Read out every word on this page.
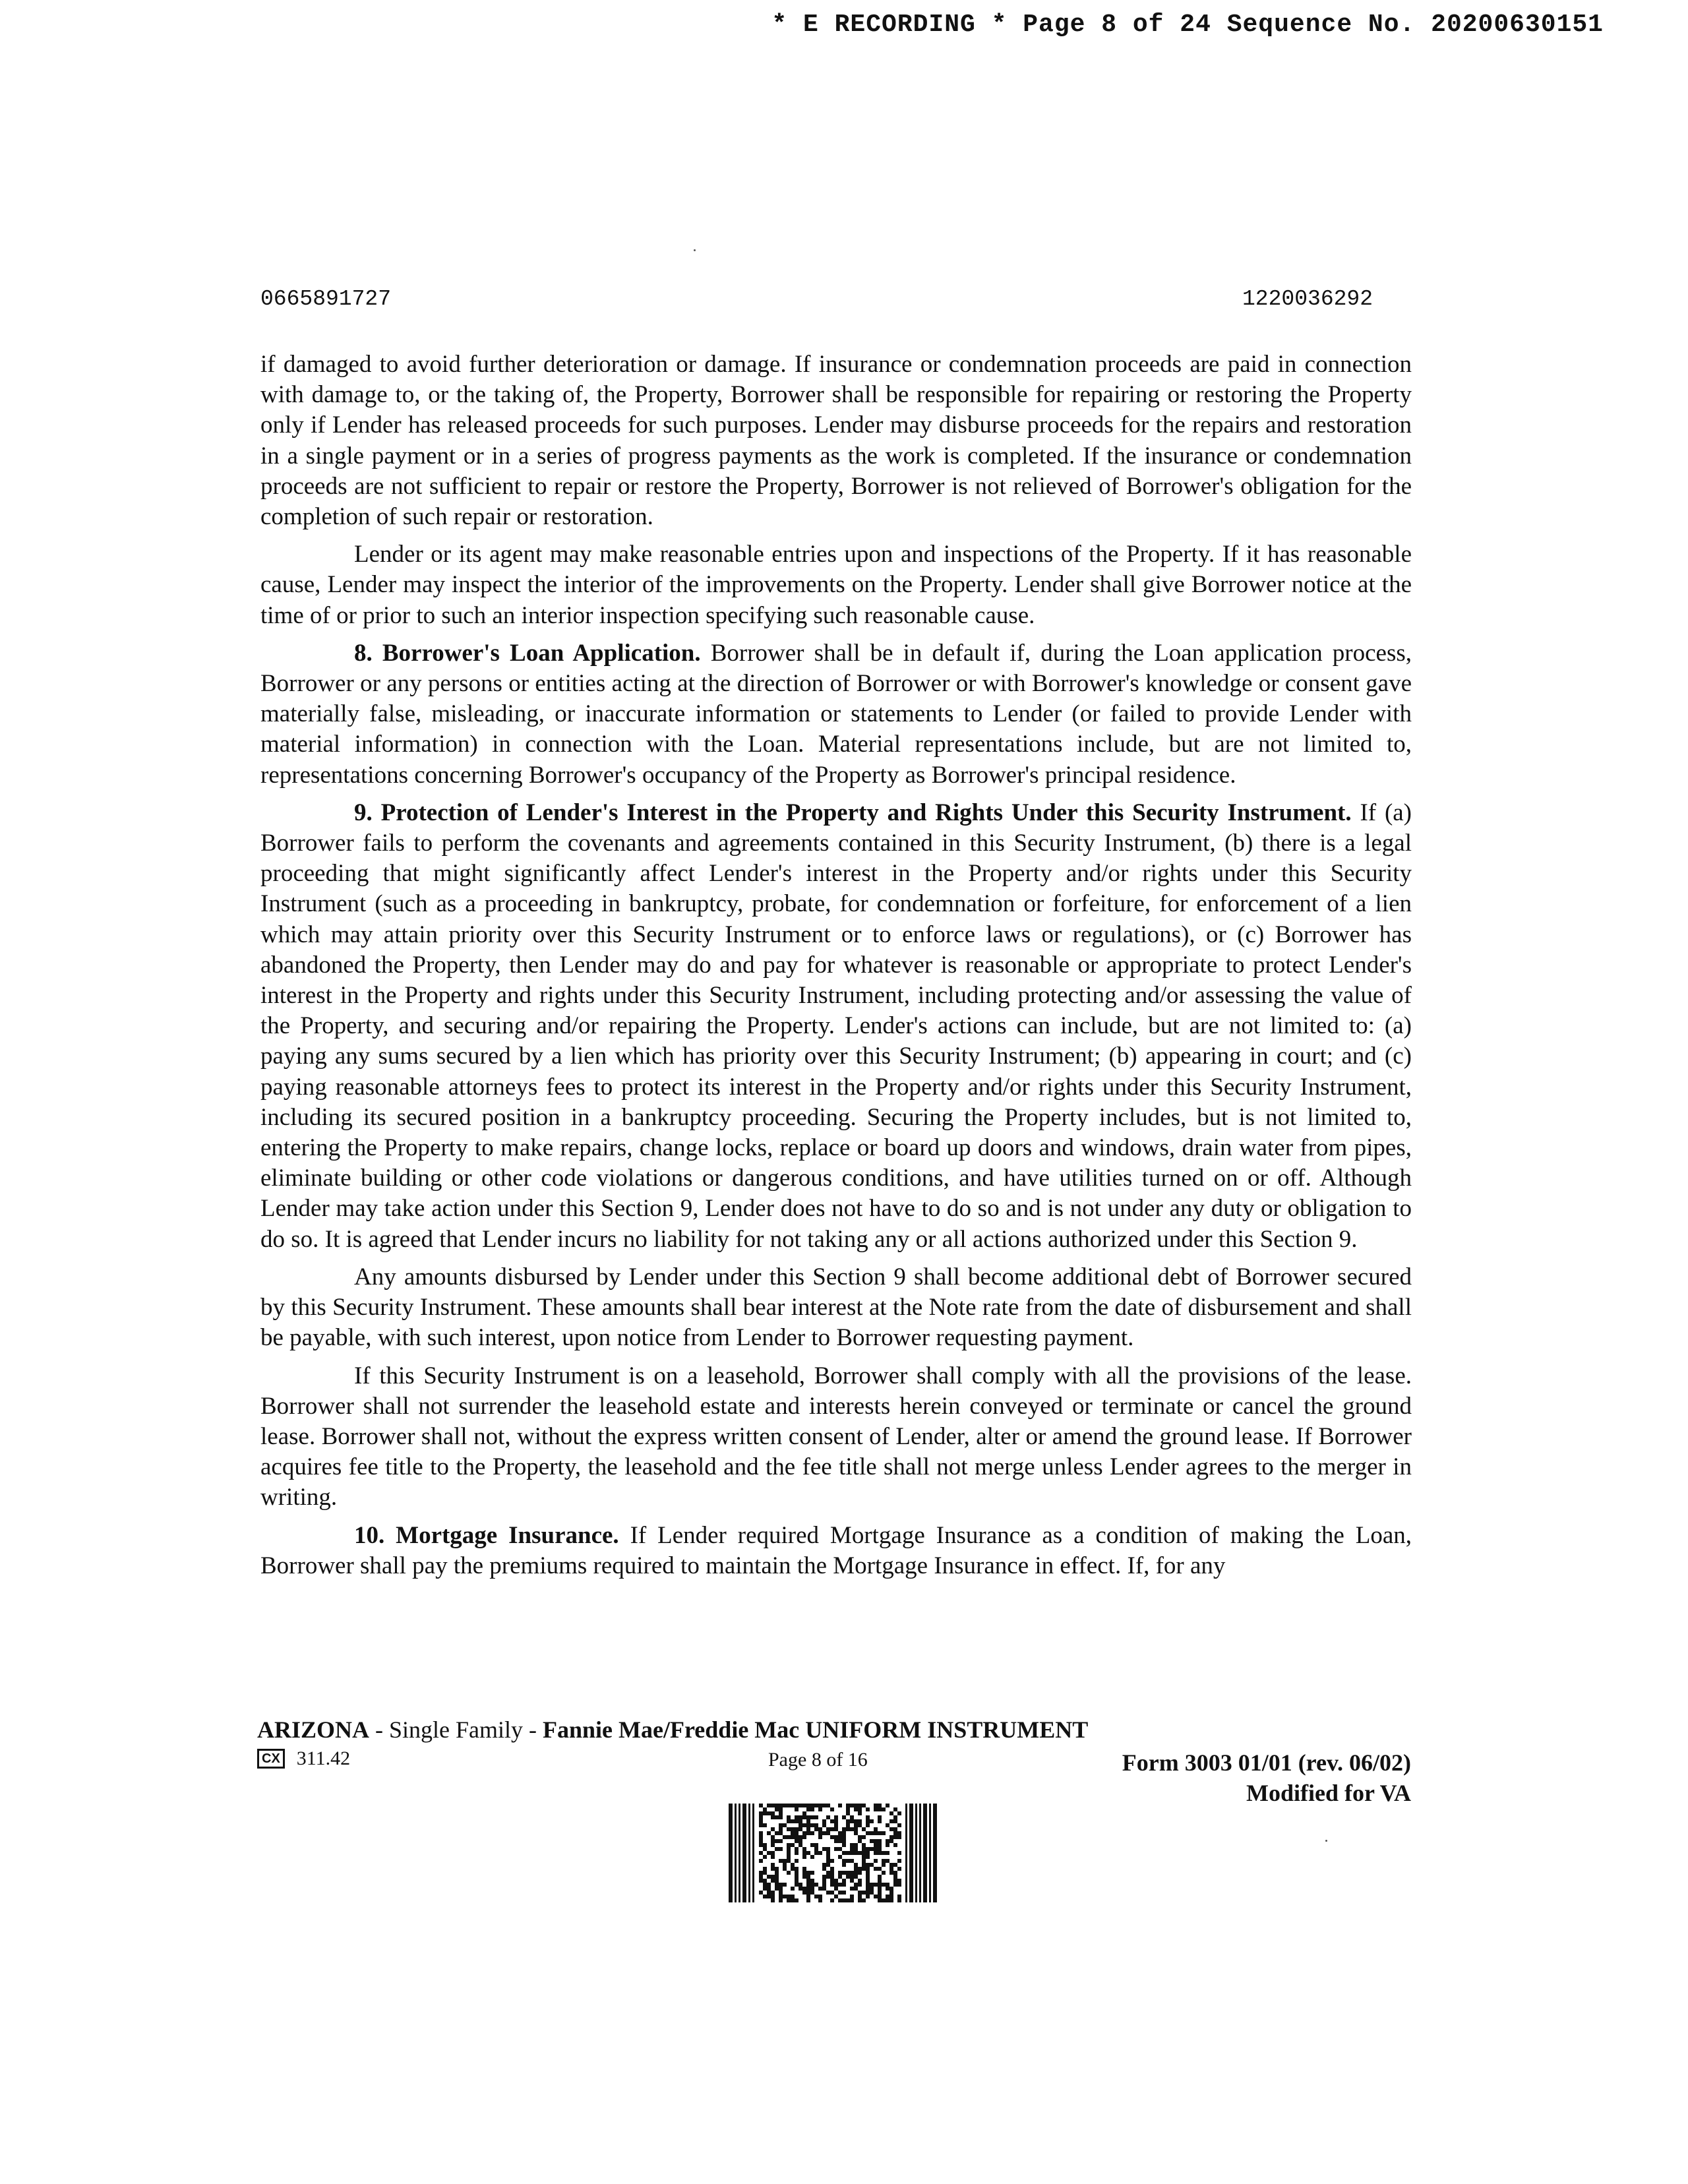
* E RECORDING * Page 8 of 24 Sequence No. 20200630151
0665891727	1220036292

if damaged to avoid further deterioration or damage. If insurance or condemnation proceeds are paid in connection with damage to, or the taking of, the Property, Borrower shall be responsible for repairing or restoring the Property only if Lender has released proceeds for such purposes. Lender may disburse proceeds for the repairs and restoration in a single payment or in a series of progress payments as the work is completed. If the insurance or condemnation proceeds are not sufficient to repair or restore the Property, Borrower is not relieved of Borrower's obligation for the completion of such repair or restoration.

Lender or its agent may make reasonable entries upon and inspections of the Property. If it has reasonable cause, Lender may inspect the interior of the improvements on the Property. Lender shall give Borrower notice at the time of or prior to such an interior inspection specifying such reasonable cause.

8. Borrower's Loan Application. Borrower shall be in default if, during the Loan application process, Borrower or any persons or entities acting at the direction of Borrower or with Borrower's knowledge or consent gave materially false, misleading, or inaccurate information or statements to Lender (or failed to provide Lender with material information) in connection with the Loan. Material representations include, but are not limited to, representations concerning Borrower's occupancy of the Property as Borrower's principal residence.

9. Protection of Lender's Interest in the Property and Rights Under this Security Instrument. If (a) Borrower fails to perform the covenants and agreements contained in this Security Instrument, (b) there is a legal proceeding that might significantly affect Lender's interest in the Property and/or rights under this Security Instrument (such as a proceeding in bankruptcy, probate, for condemnation or forfeiture, for enforcement of a lien which may attain priority over this Security Instrument or to enforce laws or regulations), or (c) Borrower has abandoned the Property, then Lender may do and pay for whatever is reasonable or appropriate to protect Lender's interest in the Property and rights under this Security Instrument, including protecting and/or assessing the value of the Property, and securing and/or repairing the Property. Lender's actions can include, but are not limited to: (a) paying any sums secured by a lien which has priority over this Security Instrument; (b) appearing in court; and (c) paying reasonable attorneys fees to protect its interest in the Property and/or rights under this Security Instrument, including its secured position in a bankruptcy proceeding. Securing the Property includes, but is not limited to, entering the Property to make repairs, change locks, replace or board up doors and windows, drain water from pipes, eliminate building or other code violations or dangerous conditions, and have utilities turned on or off. Although Lender may take action under this Section 9, Lender does not have to do so and is not under any duty or obligation to do so. It is agreed that Lender incurs no liability for not taking any or all actions authorized under this Section 9.

Any amounts disbursed by Lender under this Section 9 shall become additional debt of Borrower secured by this Security Instrument. These amounts shall bear interest at the Note rate from the date of disbursement and shall be payable, with such interest, upon notice from Lender to Borrower requesting payment.

If this Security Instrument is on a leasehold, Borrower shall comply with all the provisions of the lease. Borrower shall not surrender the leasehold estate and interests herein conveyed or terminate or cancel the ground lease. Borrower shall not, without the express written consent of Lender, alter or amend the ground lease. If Borrower acquires fee title to the Property, the leasehold and the fee title shall not merge unless Lender agrees to the merger in writing.

10. Mortgage Insurance. If Lender required Mortgage Insurance as a condition of making the Loan, Borrower shall pay the premiums required to maintain the Mortgage Insurance in effect. If, for any

ARIZONA - Single Family - Fannie Mae/Freddie Mac UNIFORM INSTRUMENT
CX 311.42	Page 8 of 16	Form 3003 01/01 (rev. 06/02)
Modified for VA
